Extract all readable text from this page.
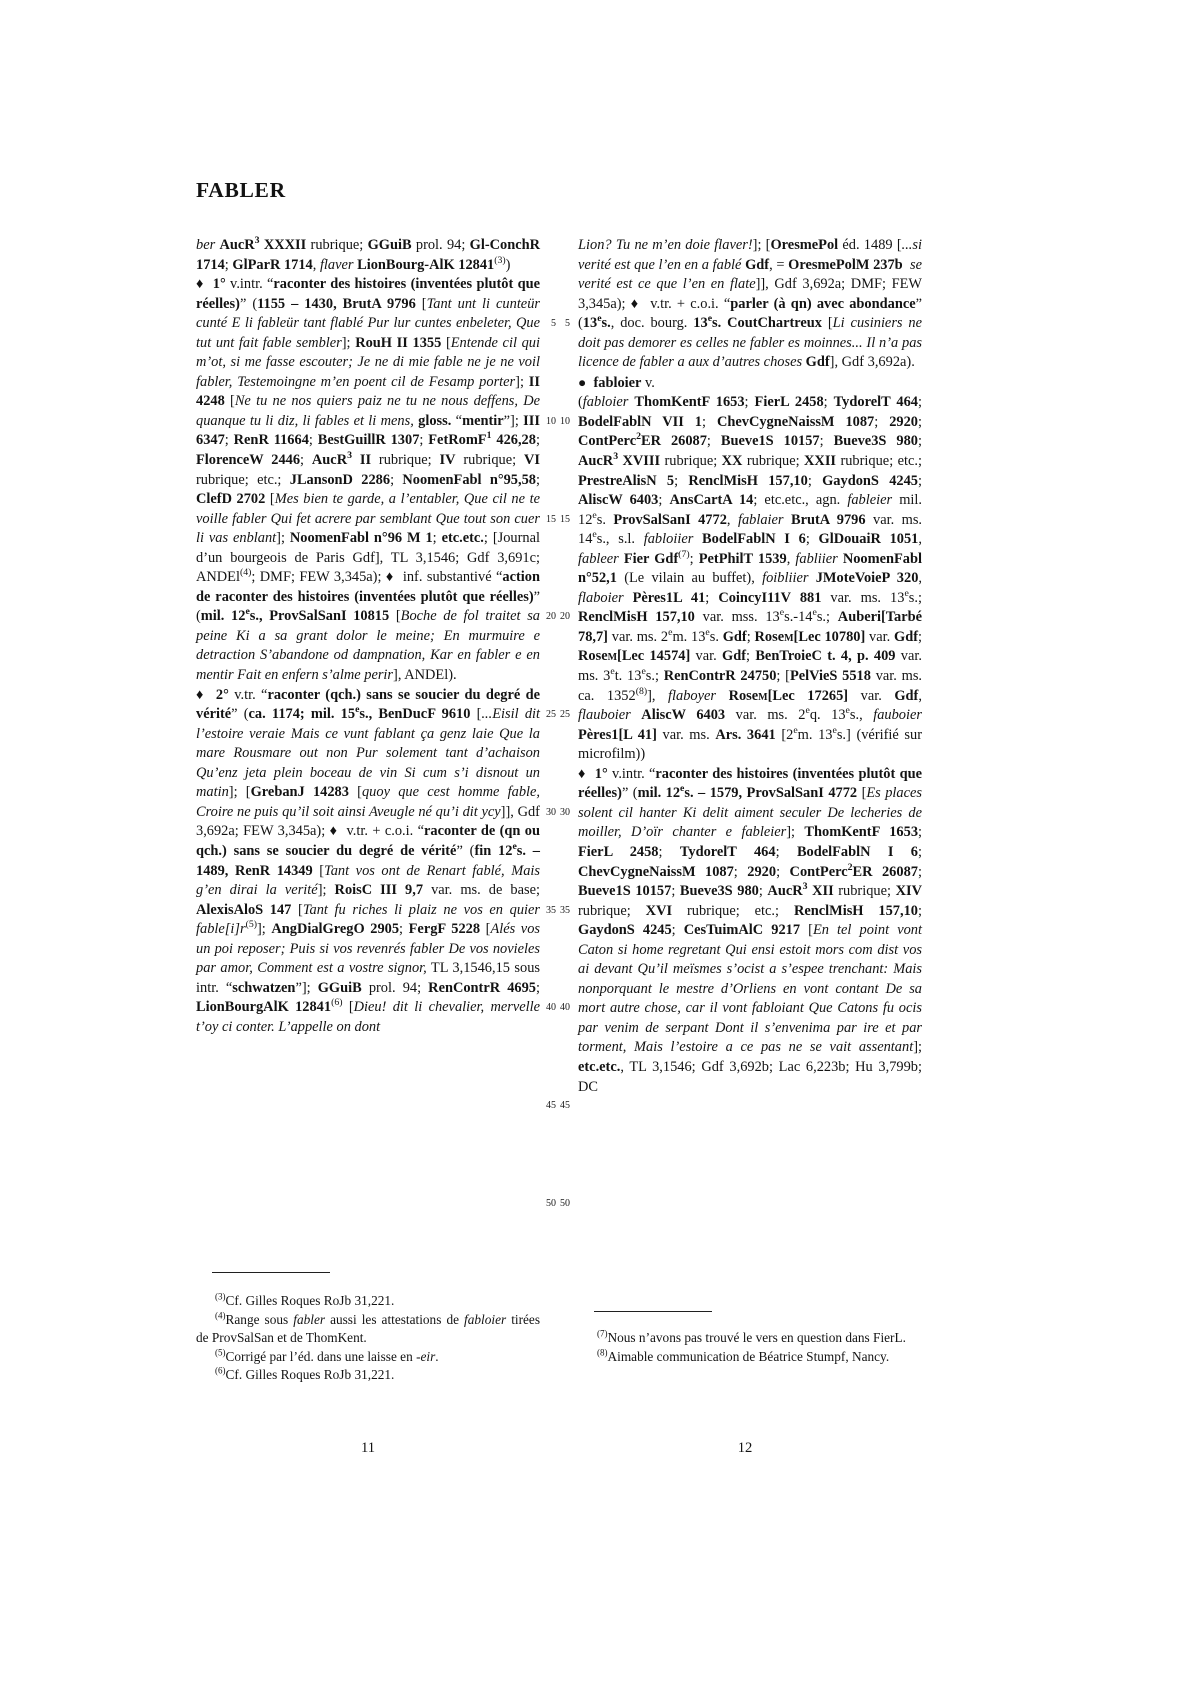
FABLER
ber AucR$^3$ XXXII rubrique; GGuiB prol. 94; Gl-ConchR 1714; GlParR 1714, flaver LionBourg-AlK 12841$^{(3)}$)
♦ 1° v.intr. “raconter des histoires (inventées plutôt que réelles)” (1155 – 1430, BrutA 9796 [Tant unt li cunteür cunté E li fableür tant flablé Pur lur cuntes enbeleter, Que tut unt fait fable sembler]; RouH II 1355 [Entende cil qui m’ot, si me fasse escouter; Je ne di mie fable ne je ne voil fabler, Testemoingne m’en poent cil de Fesamp porter]; II 4248 [Ne tu ne nos quiers paiz ne tu ne nous deffens, De quanque tu li diz, li fables et li mens, gloss. “mentir”]; III 6347; RenR 11664; BestGuillR 1307; FetRomF$^1$ 426,28; FlorenceW 2446; AucR$^3$ II rubrique; IV rubrique; VI rubrique; etc.; JLansonD 2286; NoomenFabl n°95,58; ClefD 2702 [Mes bien te garde, a l’entabler, Que cil ne te voille fabler Qui fet acrere par semblant Que tout son cuer li vas enblant]; NoomenFabl n°96 M 1; etc.etc.; [Journal d’un bourgeois de Paris Gdf], TL 3,1546; Gdf 3,691c; ANDEl$^{(4)}$; DMF; FEW 3,345a); ♦  inf. substantivé “action de raconter des histoires (inventées plutôt que réelles)” (mil. 12es., ProvSalSanI 10815 [Boche de fol traitet sa peine Ki a sa grant dolor le meine; En murmuire e detraction S’abandone od dampnation, Kar en fabler e en mentir Fait en enfern s’alme perir], ANDEl).
♦ 2° v.tr. “raconter (qch.) sans se soucier du degré de vérité” (ca. 1174; mil. 15es., BenDucF 9610 [...Eisil dit l’estoire veraie Mais ce vunt fablant ça genz laie Que la mare Rousmare out non Pur solement tant d’achaison Qu’enz jeta plein boceau de vin Si cum s’i disnout un matin]; [GrebanJ 14283 [quoy que cest homme fable, Croire ne puis qu’il soit ainsi Aveugle né qu’i dit ycy]], Gdf 3,692a; FEW 3,345a); ♦  v.tr. + c.o.i. “raconter de (qn ou qch.) sans se soucier du degré de vérité” (fin 12es. – 1489, RenR 14349 [Tant vos ont de Renart fablé, Mais g’en dirai la verité]; RoisC III 9,7 var. ms. de base; AlexisAloS 147 [Tant fu riches li plaiz ne vos en quier $fable[i]r^{(5)}$]; AngDialGregO 2905; FergF 5228 [Alés vos un poi reposer; Puis si vos revenrés fabler De vos novieles par amor, Comment est a vostre signor, TL 3,1546,15 sous intr. “schwatzen”]; GGuiB prol. 94; RenContrR 4695; LionBourgAlK 12841$^{(6)}$ [Dieu! dit li chevalier, mervelle t’oy ci conter. L’appelle on dont
5
10
15
20
25
30
35
40
45
50

$^{(3)}$Cf. Gilles Roques RoJb 31,221.

$^{(4)}$Range sous fabler aussi les attestations de fabloier tirées de ProvSalSan et de ThomKent.

$^{(5)}$Corrigé par l’éd. dans une laisse en -eir.

$^{(6)}$Cf. Gilles Roques RoJb 31,221.

Lion? Tu ne m’en doie flaver!]; [OresmePol éd. 1489 [...si verité est que l’en en a fablé Gdf, = OresmePolM 237b se verité est ce que l’en en flate]], Gdf 3,692a; DMF; FEW 3,345a); ♦  v.tr. + c.o.i. “parler (à qn) avec abondance” (13es., doc. bourg. 13es. CoutChartreux [Li cusiniers ne doit pas demorer es celles ne fabler es moinnes... Il n’a pas licence de fabler a aux d’autres choses Gdf], Gdf 3,692a).
● fabloier v.
(fabloier ThomKentF 1653; FierL 2458; TydorelT 464; BodelFablN VII 1; ChevCygneNaissM 1087; 2920; ContPerc$^2$ER 26087; Bueve1S 10157; Bueve3S 980; AucR$^3$ XVIII rubrique; XX rubrique; XXII rubrique; etc.; PrestreAlisN 5; RenclMisH 157,10; GaydonS 4245; AliscW 6403; AnsCartA 14; etc.etc., agn. fableier mil. 12es. ProvSalSanI 4772, fablaier BrutA 9796 var. ms. 14es., s.l. fabloiier BodelFablN I 6; GlDouaiR 1051, fableer Fier Gdf$^{(7)}$; PetPhilT 1539, fabliier NoomenFabl n°52,1 (Le vilain au buffet), foibliier JMoteVoieP 320, flaboier Pères1L 41; CoincyI11V 881 var. ms. 13es.; RenclMisH 157,10 var. mss. 13es.-14es.; Auberi[Tarbé 78,7] var. ms. 2em. 13es. Gdf; Rosem[Lec 10780] var. Gdf; Rosem[Lec 14574] var. Gdf; BenTroieC t. 4, p. 409 var. ms. 3et. 13es.; RenContrR 24750; [PelVieS 5518 var. ms. ca. 1352$^{(8)}$], flaboyer Rosem[Lec 17265] var. Gdf, flauboier AliscW 6403 var. ms. 2eq. 13es., fauboier Pères1[L 41] var. ms. Ars. 3641 [2em. 13es.] (vérifié sur microfilm))
♦ 1° v.intr. “raconter des histoires (inventées plutôt que réelles)” (mil. 12es. – 1579, ProvSalSanI 4772 [Es places solent cil hanter Ki delit aiment seculer De lecheries de moiller, D’oïr chanter e fableier]; ThomKentF 1653; FierL 2458; TydorelT 464; BodelFablN I 6; ChevCygneNaissM 1087; 2920; ContPerc$^2$ER 26087; Bueve1S 10157; Bueve3S 980; AucR$^3$ XII rubrique; XIV rubrique; XVI rubrique; etc.; RenclMisH 157,10; GaydonS 4245; CesTuimAlC 9217 [En tel point vont Caton si home regretant Qui ensi estoit mors com dist vos ai devant Qu’il meïsmes s’ocist a s’espee trenchant: Mais nonporquant le mestre d’Orliens en vont contant De sa mort autre chose, car il vont fabloiant Que Catons fu ocis par venim de serpant Dont il s’envenima par ire et par torment, Mais l’estoire a ce pas ne se vait assentant]; etc.etc., TL 3,1546; Gdf 3,692b; Lac 6,223b; Hu 3,799b; DC
5
10
15
20
25
30
35
40
45
50

$^{(7)}$Nous n’avons pas trouvé le vers en question dans FierL.

$^{(8)}$Aimable communication de Béatrice Stumpf, Nancy.

11	12
